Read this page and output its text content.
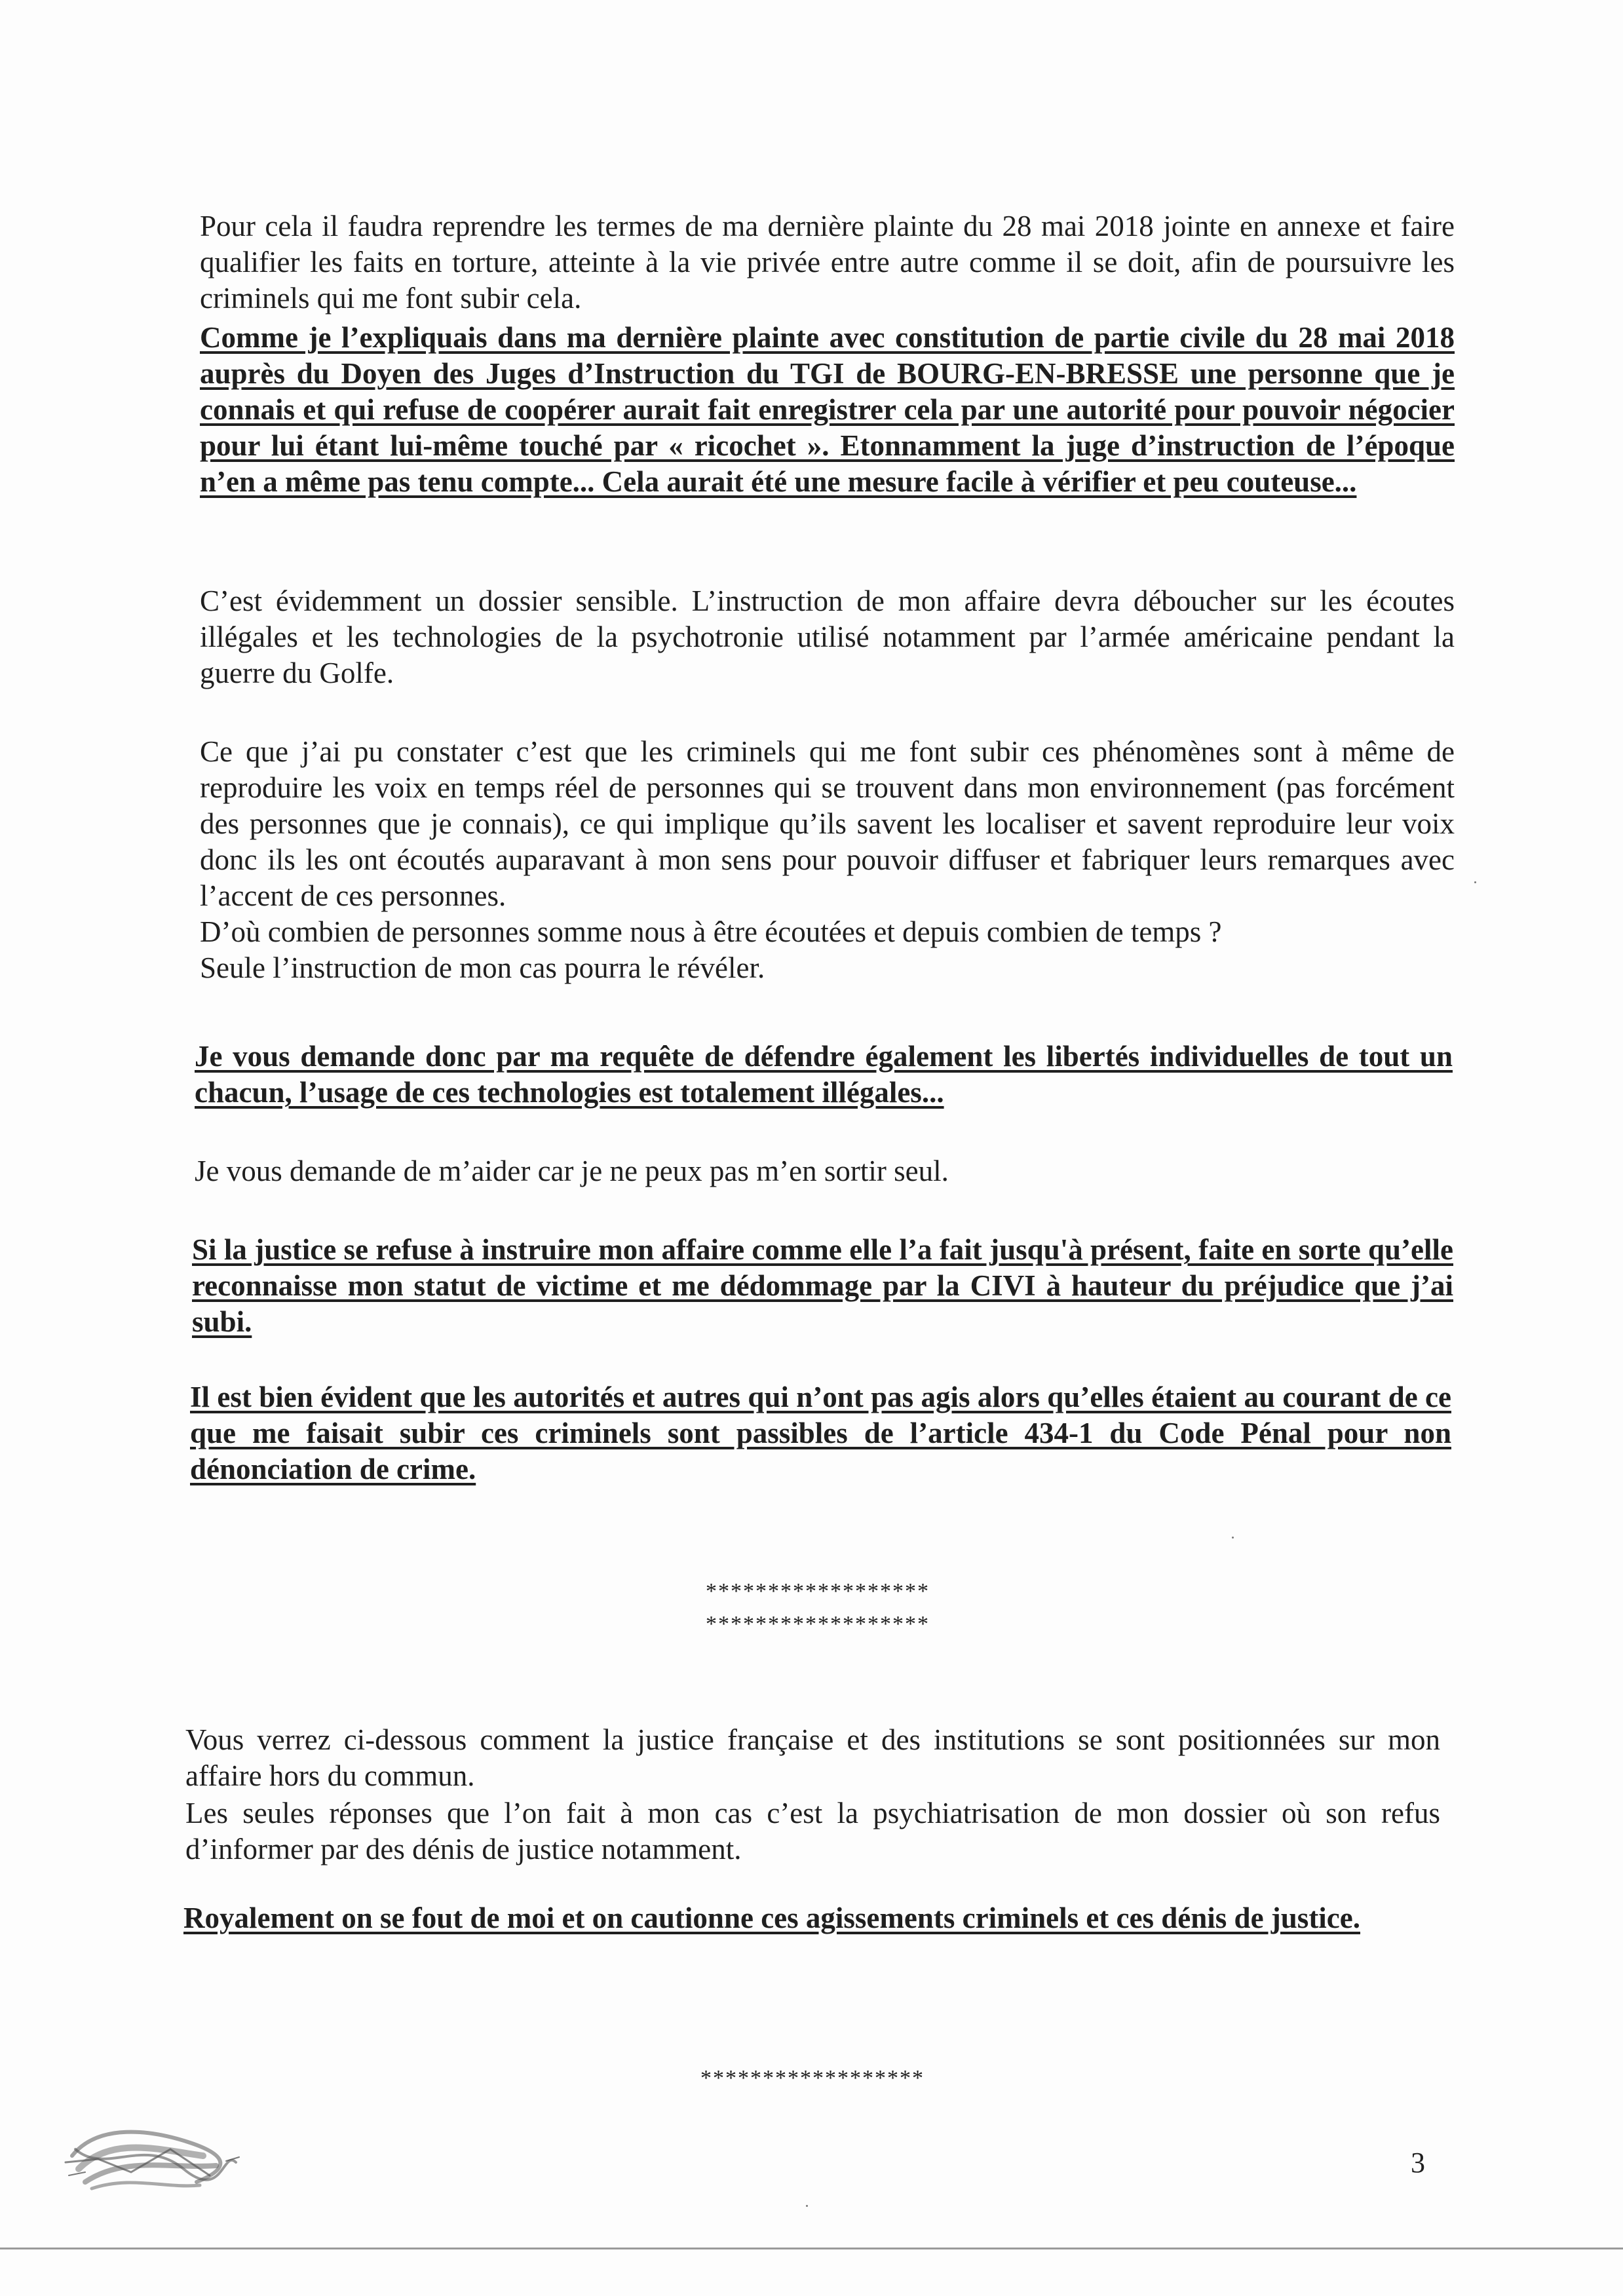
Pour cela il faudra reprendre les termes de ma dernière plainte du 28 mai 2018 jointe en annexe et faire qualifier les faits en torture, atteinte à la vie privée entre autre comme il se doit, afin de poursuivre les criminels qui me font subir cela.
Comme je l’expliquais dans ma dernière plainte avec constitution de partie civile du 28 mai 2018 auprès du Doyen des Juges d’Instruction du TGI de BOURG-EN-BRESSE une personne que je connais et qui refuse de coopérer aurait fait enregistrer cela par une autorité pour pouvoir négocier pour lui étant lui-même touché par « ricochet ». Etonnamment la juge d’instruction de l’époque n’en a même pas tenu compte... Cela aurait été une mesure facile à vérifier et peu couteuse...
C’est évidemment un dossier sensible. L’instruction de mon affaire devra déboucher sur les écoutes illégales et les technologies de la psychotronie utilisé notamment par l’armée américaine pendant la guerre du Golfe.
Ce que j’ai pu constater c’est que les criminels qui me font subir ces phénomènes sont à même de reproduire les voix en temps réel de personnes qui se trouvent dans mon environnement (pas forcément des personnes que je connais), ce qui implique qu’ils savent les localiser et savent reproduire leur voix donc ils les ont écoutés auparavant à mon sens pour pouvoir diffuser et fabriquer leurs remarques avec l’accent de ces personnes.
D’où combien de personnes somme nous à être écoutées et depuis combien de temps ?
Seule l’instruction de mon cas pourra le révéler.
Je vous demande donc par ma requête de défendre également les libertés individuelles de tout un chacun, l’usage de ces technologies est totalement illégales...
Je vous demande de m’aider car je ne peux pas m’en sortir seul.
Si la justice se refuse à instruire mon affaire comme elle l’a fait jusqu'à présent, faite en sorte qu’elle reconnaisse mon statut de victime et me dédommage par la CIVI à hauteur du préjudice que j’ai subi.
Il est bien évident que les autorités et autres qui n’ont pas agis alors qu’elles étaient au courant de ce que me faisait subir ces criminels sont passibles de l’article 434-1 du Code Pénal pour non dénonciation de crime.
******************
******************
Vous verrez ci-dessous comment la justice française et des institutions se sont positionnées sur mon affaire hors du commun.
Les seules réponses que l’on fait à mon cas c’est la psychiatrisation de mon dossier où son refus d’informer par des dénis de justice notamment.
Royalement on se fout de moi et on cautionne ces agissements criminels et ces dénis de justice.
******************
3
